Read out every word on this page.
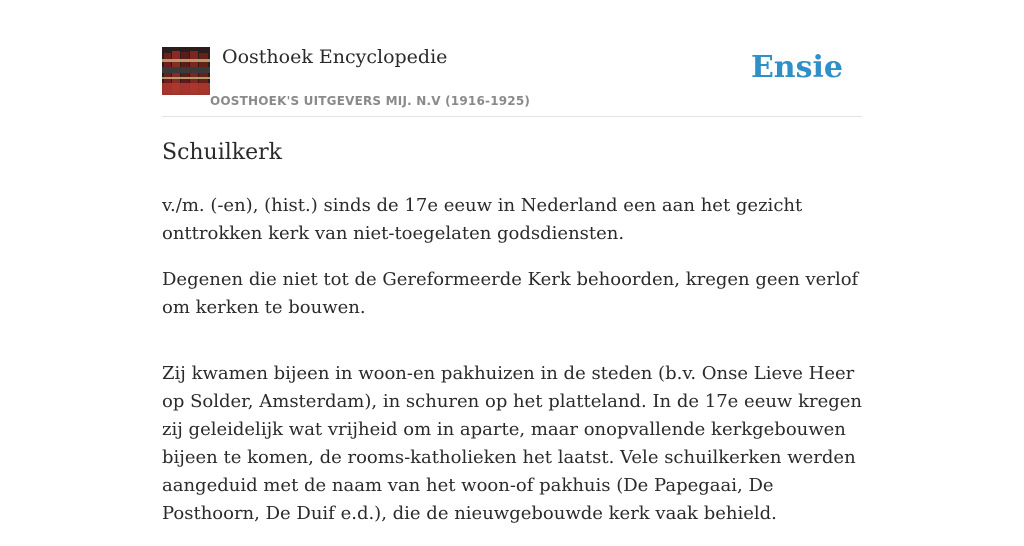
Oosthoek Encyclopedie
OOSTHOEK'S UITGEVERS MIJ. N.V (1916-1925)
Ensie
Schuilkerk

v./m. (-en), (hist.) sinds de 17e eeuw in Nederland een aan het gezicht onttrokken kerk van niet-toegelaten godsdiensten.

Degenen die niet tot de Gereformeerde Kerk behoorden, kregen geen verlof om kerken te bouwen.

Zij kwamen bijeen in woon-en pakhuizen in de steden (b.v. Onse Lieve Heer op Solder, Amsterdam), in schuren op het platteland. In de 17e eeuw kregen zij geleidelijk wat vrijheid om in aparte, maar onopvallende kerkgebouwen bijeen te komen, de rooms-katholieken het laatst. Vele schuilkerken werden aangeduid met de naam van het woon-of pakhuis (De Papegaai, De Posthoorn, De Duif e.d.), die de nieuwgebouwde kerk vaak behield.
